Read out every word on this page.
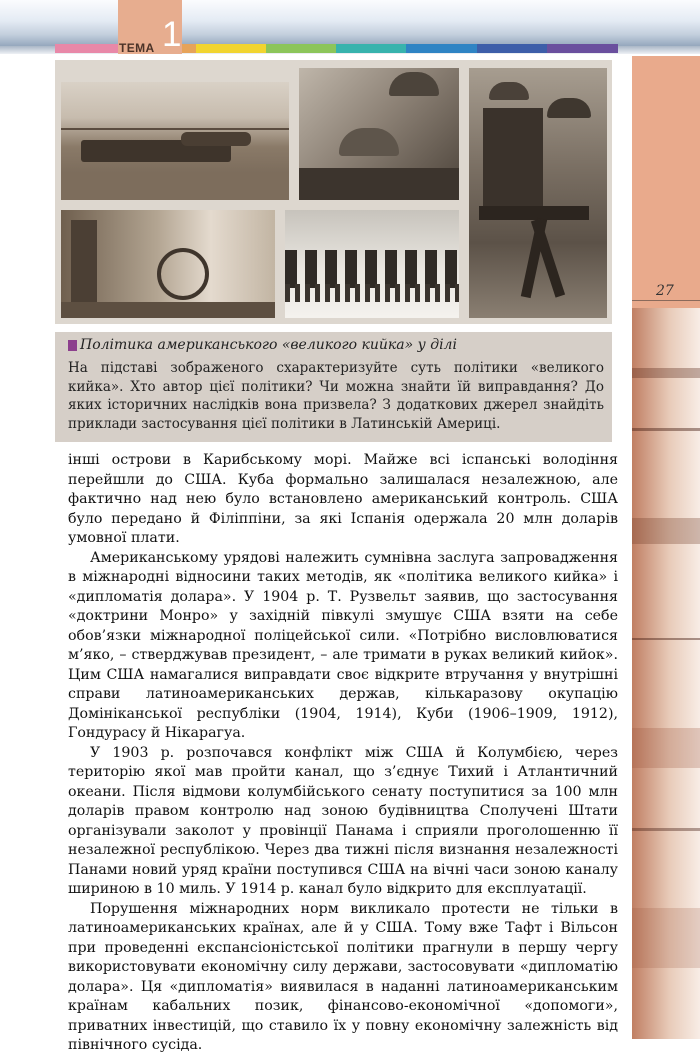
ТЕМА 1
27
Політика американського «великого кийка» у ділі
На підставі зображеного схарактеризуйте суть політики «великого кийка». Хто автор цієї політики? Чи можна знайти їй виправдання? До яких історичних наслідків вона призвела? З додаткових джерел знайдіть приклади застосування цієї політики в Латинській Америці.

інші острови в Карибському морі. Майже всі іспанські володіння перейшли до США. Куба формально залишалася незалежною, але фактично над нею було встановлено американський контроль. США було передано й Філіппіни, за які Іспанія одержала 20 млн доларів умовної плати.

Американському урядові належить сумнівна заслуга запровадження в міжнародні відносини таких методів, як «політика великого кийка» і «дипломатія долара». У 1904 р. Т. Рузвельт заявив, що застосування «доктрини Монро» у західній півкулі змушує США взяти на себе обов’язки міжнародної поліцейської сили. «Потрібно висловлюватися м’яко, – стверджував президент, – але тримати в руках великий кийок». Цим США намагалися виправдати своє відкрите втручання у внутрішні справи латиноамериканських держав, кількаразову окупацію Домініканської республіки (1904, 1914), Куби (1906–1909, 1912), Гондурасу й Нікарагуа.

У 1903 р. розпочався конфлікт між США й Колумбією, через територію якої мав пройти канал, що з’єднує Тихий і Атлантичний океани. Після відмови колумбійського сенату поступитися за 100 млн доларів правом контролю над зоною будівництва Сполучені Штати організували заколот у провінції Панама і сприяли проголошенню її незалежної республікою. Через два тижні після визнання незалежності Панами новий уряд країни поступився США на вічні часи зоною каналу шириною в 10 миль. У 1914 р. канал було відкрито для експлуатації.

Порушення міжнародних норм викликало протести не тільки в латиноамериканських країнах, але й у США. Тому вже Тафт і Вільсон при проведенні експансіоністської політики прагнули в першу чергу використовувати економічну силу держави, застосовувати «дипломатію долара». Ця «дипломатія» виявилася в наданні латиноамериканським країнам кабальних позик, фінансово-економічної «допомоги», приватних інвестицій, що ставило їх у повну економічну залежність від північного сусіда.
